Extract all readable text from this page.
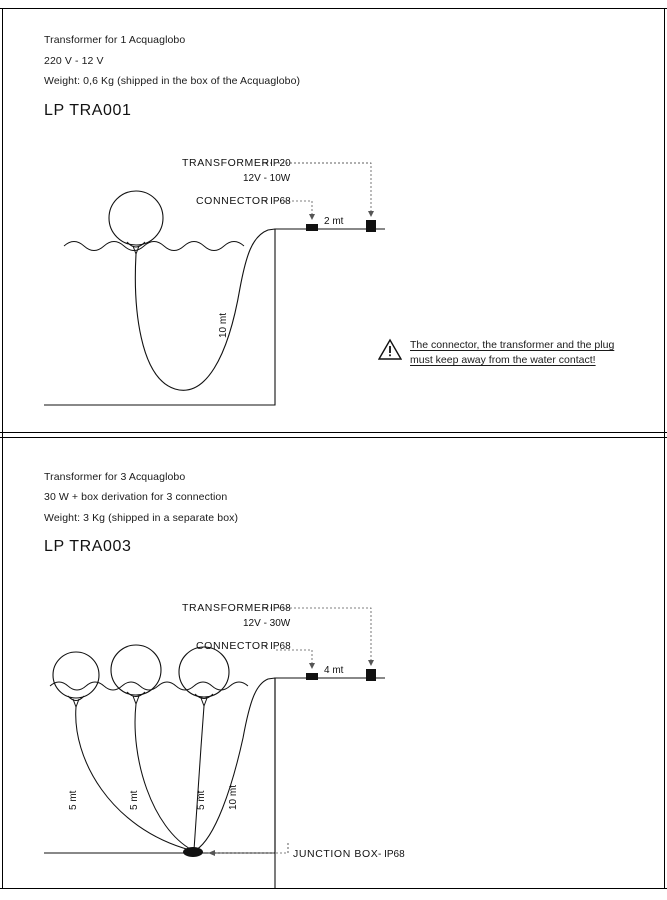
Transformer for 1 Acquaglobo
220 V - 12 V
Weight: 0,6 Kg (shipped in the box of the Acquaglobo)
LP TRA001
10 mt
2 mt
TRANSFORMER
- IP20
12V - 10W
CONNECTOR
- IP68
The connector, the transformer and the plug must keep away from the water contact!
Transformer for 3 Acquaglobo
30 W + box derivation for 3 connection
Weight: 3 Kg (shipped in a separate box)
LP TRA003
5 mt	5 mt	5 mt 10 mt
4 mt
TRANSFORMER
- IP68
12V - 30W
CONNECTOR
- IP68
JUNCTION BOX - IP68
